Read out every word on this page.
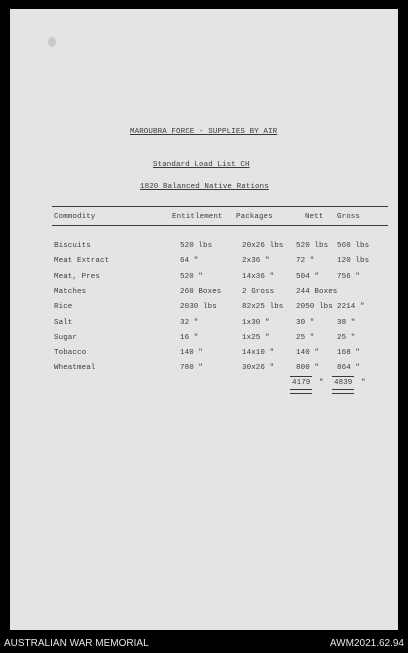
MAROUBRA FORCE - SUPPLIES BY AIR
Standard Load List CH
1820 Balanced Native Rations
Commodity	Entitlement Packages	Nett Gross
Biscuits	520 lbs	20x26 lbs 520 lbs 560 lbs
Meat Extract	64 "	2x36 "	72 "	120 lbs
Meat, Pres	520 "	14x36 "	504 " 756 "
Matches	260 Boxes	2 Gross	244 Boxes
Rice	2030 lbs	82x25 lbs 2050 lbs 2214 "
Salt	32 "	1x30 "	30 "	38 "
Sugar	16 "	1x25 "	25 "	25 "
Tobacco	140 "	14x10 "	140 " 168 "
Wheatmeal	780 "	30x26 "	800 " 864 "
4179 " 4839 "
AUSTRALIAN WAR MEMORIAL	AWM2021.62.94
